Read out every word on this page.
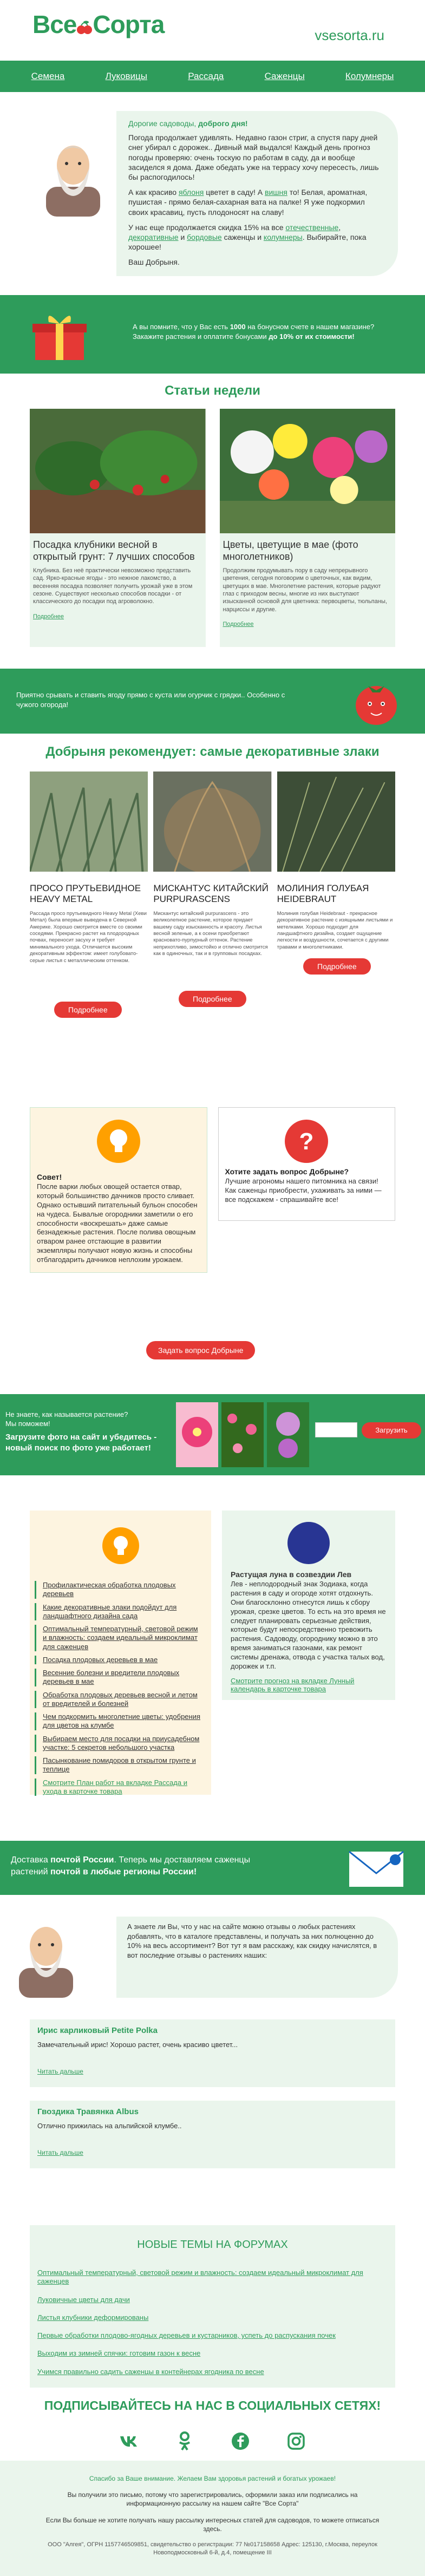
Все Сорта	vsesorta.ru
Семена	Луковицы	Рассада	Саженцы	Колумнеры

Дорогие садоводы, доброго дня!

Погода продолжает удивлять. Недавно газон стриг, а спустя пару дней снег убирал с дорожек.. Дивный май выдался! Каждый день прогноз погоды проверяю: очень тоскую по работам в саду, да и вообще засиделся я дома. Даже обедать уже на террасу хочу пересесть, лишь бы распогодилось!

А как красиво яблоня цветет в саду! А вишня то! Белая, ароматная, пушистая - прямо белая-сахарная вата на палке! Я уже подкормил своих красавиц, пусть плодоносят на славу!

У нас еще продолжается скидка 15% на все отечественные, декоративные и бордовые саженцы и колумнеры. Выбирайте, пока хорошее!

Ваш Добрыня.

А вы помните, что у Вас есть 1000 на бонусном счете в нашем магазине?
Закажите растения и оплатите бонусами до 10% от их стоимости!
Статьи недели
Посадка клубники весной в открытый грунт: 7 лучших способов

Клубника. Без неё практически невозможно представить сад. Ярко-красные ягоды - это нежное лакомство, а весенняя посадка позволяет получить урожай уже в этом сезоне. Существуют несколько способов посадки - от классического до посадки под агроволокно.

Подробнее
Цветы, цветущие в мае (фото многолетников)

Продолжим продумывать пору в саду непрерывного цветения, сегодня поговорим о цветочных, как видим, цветущих в мае. Многолетние растения, которые радуют глаз с приходом весны, многие из них выступают изысканной основой для цветника: первоцветы, тюльпаны, нарциссы и другие.

Подробнее
Приятно срывать и ставить ягоду прямо с куста или огурчик с грядки.. Особенно с чужого огорода!
Добрыня рекомендует: самые декоративные злаки
ПРОСО ПРУТЬЕВИДНОЕ HEAVY METAL

Рассада просо прутьевидного Heavy Metal (Хеви Метал) была впервые выведена в Северной Америке. Хорошо смотрится вместе со своими соседями. Прекрасно растет на плодородных почвах, переносит засуху и требует минимального ухода. Отличается высоким декоративным эффектом: имеет голубовато-серые листья с металлическим оттенком.

МИСКАНТУС КИТАЙСКИЙ PURPURASCENS

Мискантус китайский purpurascens - это великолепное растение, которое придает вашему саду изысканность и красоту. Листья весной зеленые, а к осени приобретают красновато-пурпурный оттенок. Растение неприхотливо, зимостойко и отлично смотрится как в одиночных, так и в групповых посадках.

МОЛИНИЯ ГОЛУБАЯ HEIDEBRAUT

Молиния голубая Heidebraut - прекрасное декоративное растение с изящными листьями и метелками. Хорошо подходит для ландшафтного дизайна, создает ощущение легкости и воздушности, сочетается с другими травами и многолетниками.

Подробнее
Подробнее
Подробнее
Совет!

После варки любых овощей остается отвар, который большинство дачников просто сливает. Однако остывший питательный бульон способен на чудеса. Бывалые огородники заметили о его способности «воскрешать» даже самые безнадежные растения. После полива овощным отваром ранее отстающие в развитии экземпляры получают новую жизнь и способны отблагодарить дачников неплохим урожаем.

?
Хотите задать вопрос Добрыне?

Лучшие агрономы нашего питомника на связи! Как саженцы приобрести, ухаживать за ними — все подскажем - спрашивайте все!

Задать вопрос Добрыне
Не знаете, как называется растение?
Мы поможем!
Загрузите фото на сайт и убедитесь - новый поиск по фото уже работает!
Загрузить
Профилактическая обработка плодовых деревьев
Какие декоративные злаки подойдут для ландшафтного дизайна сада
Оптимальный температурный, световой режим и влажность: создаем идеальный микроклимат для саженцев
Посадка плодовых деревьев в мае
Весенние болезни и вредители плодовых деревьев в мае
Обработка плодовых деревьев весной и летом от вредителей и болезней
Чем подкормить многолетние цветы: удобрения для цветов на клумбе
Выбираем место для посадки на приусадебном участке: 5 секретов небольшого участка
Пасынкование помидоров в открытом грунте и теплице
Смотрите План работ на вкладке Рассада и ухода в карточке товара
Растущая луна в созвездии Лев

Лев - неплодородный знак Зодиака, когда растения в саду и огороде хотят отдохнуть. Они благосклонно отнесутся лишь к сбору урожая, срезке цветов. То есть на это время не следует планировать серьезные действия, которые будут непосредственно тревожить растения. Садоводу, огороднику можно в это время заниматься газонами, как ремонт системы дренажа, отвода с участка талых вод, дорожек и т.п.

Смотрите прогноз на вкладке Лунный календарь в карточке товара
Доставка почтой России. Теперь мы доставляем саженцы растений почтой в любые регионы России!
А знаете ли Вы, что у нас на сайте можно отзывы о любых растениях добавлять, что в каталоге представлены, и получать за них полноценно до 10% на весь ассортимент? Вот тут я вам расскажу, как скидку начислятся, в вот последние отзывы о растениях наших:
Ирис карликовый Petite Polka

Замечательный ирис! Хорошо растет, очень красиво цветет...

Читать дальше
Гвоздика Травянка Albus

Отлично прижилась на альпийской клумбе..

Читать дальше
НОВЫЕ ТЕМЫ НА ФОРУМАХ
Оптимальный температурный, световой режим и влажность: создаем идеальный микроклимат для саженцев
Луковичные цветы для дачи
Листья клубники деформированы
Первые обработки плодово-ягодных деревьев и кустарников, успеть до распускания почек
Выходим из зимней спячки: готовим газон к весне
Учимся правильно садить саженцы в контейнерах ягодника по весне
ПОДПИСЫВАЙТЕСЬ НА НАС В СОЦИАЛЬНЫХ СЕТЯХ!
Спасибо за Ваше внимание. Желаем Вам здоровья растений и богатых урожаев!

Вы получили это письмо, потому что зарегистрировались, оформили заказ или подписались на информационную рассылку на нашем сайте "Все Сорта"

Если Вы больше не хотите получать нашу рассылку интересных статей для садоводов, то можете отписаться здесь.

ООО "Алгея", ОГРН 1157746509851, свидетельство о регистрации: 77 №017158658 Адрес: 125130, г.Москва, переулок Новоподмосковный 6-й, д.4, помещение III
